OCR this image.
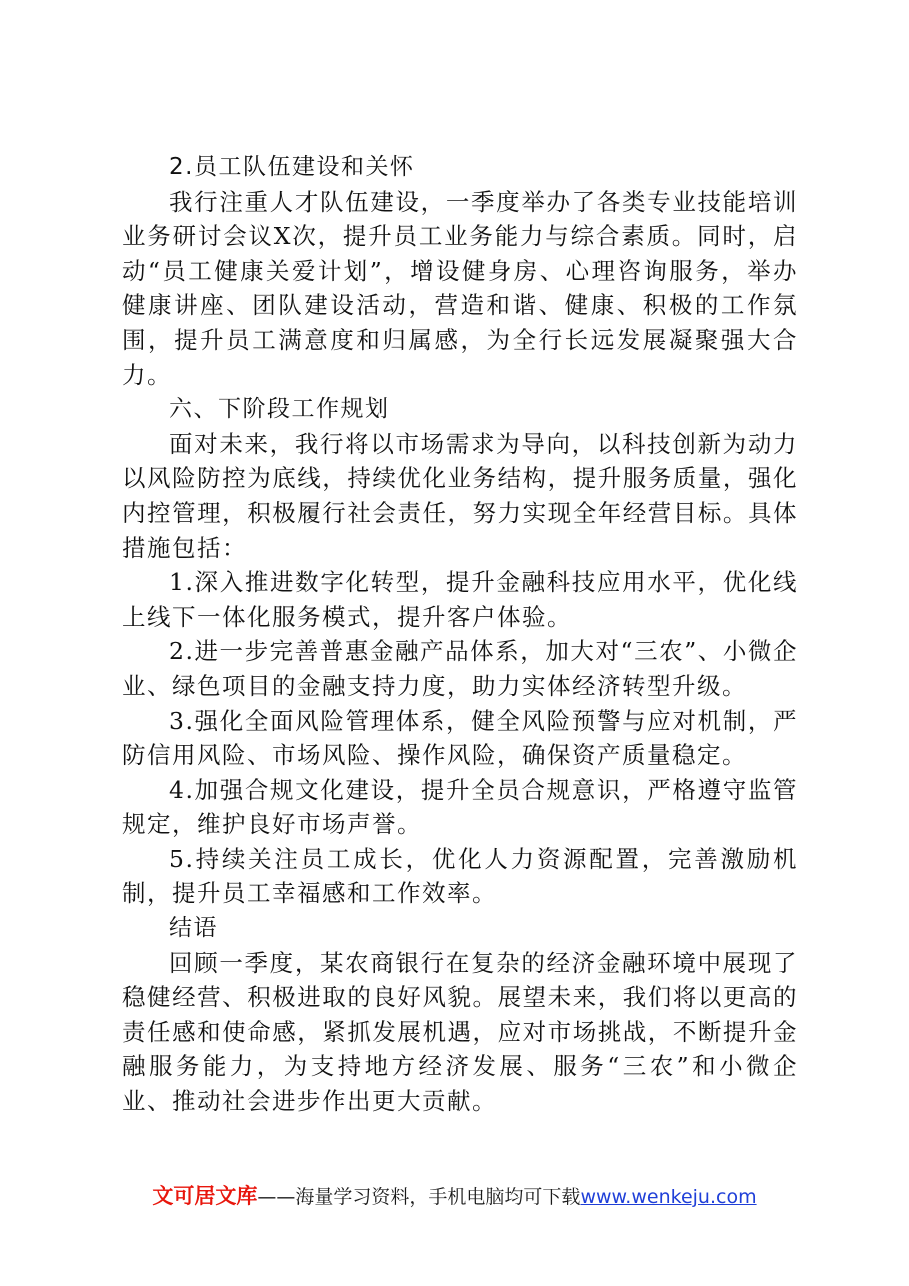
2.员工队伍建设和关怀

我行注重人才队伍建设，一季度举办了各类专业技能培训业务研讨会议X次，提升员工业务能力与综合素质。同时，启动“员工健康关爱计划”，增设健身房、心理咨询服务，举办健康讲座、团队建设活动，营造和谐、健康、积极的工作氛围，提升员工满意度和归属感，为全行长远发展凝聚强大合力。

六、下阶段工作规划

面对未来，我行将以市场需求为导向，以科技创新为动力以风险防控为底线，持续优化业务结构，提升服务质量，强化内控管理，积极履行社会责任，努力实现全年经营目标。具体措施包括：

1.深入推进数字化转型，提升金融科技应用水平，优化线上线下一体化服务模式，提升客户体验。

2.进一步完善普惠金融产品体系，加大对“三农”、小微企业、绿色项目的金融支持力度，助力实体经济转型升级。

3.强化全面风险管理体系，健全风险预警与应对机制，严防信用风险、市场风险、操作风险，确保资产质量稳定。

4.加强合规文化建设，提升全员合规意识，严格遵守监管规定，维护良好市场声誉。

5.持续关注员工成长，优化人力资源配置，完善激励机制，提升员工幸福感和工作效率。

结语

回顾一季度，某农商银行在复杂的经济金融环境中展现了稳健经营、积极进取的良好风貌。展望未来，我们将以更高的责任感和使命感，紧抓发展机遇，应对市场挑战，不断提升金融服务能力，为支持地方经济发展、服务“三农”和小微企业、推动社会进步作出更大贡献。

文可居文库——海量学习资料，手机电脑均可下载www.wenkeju.com
